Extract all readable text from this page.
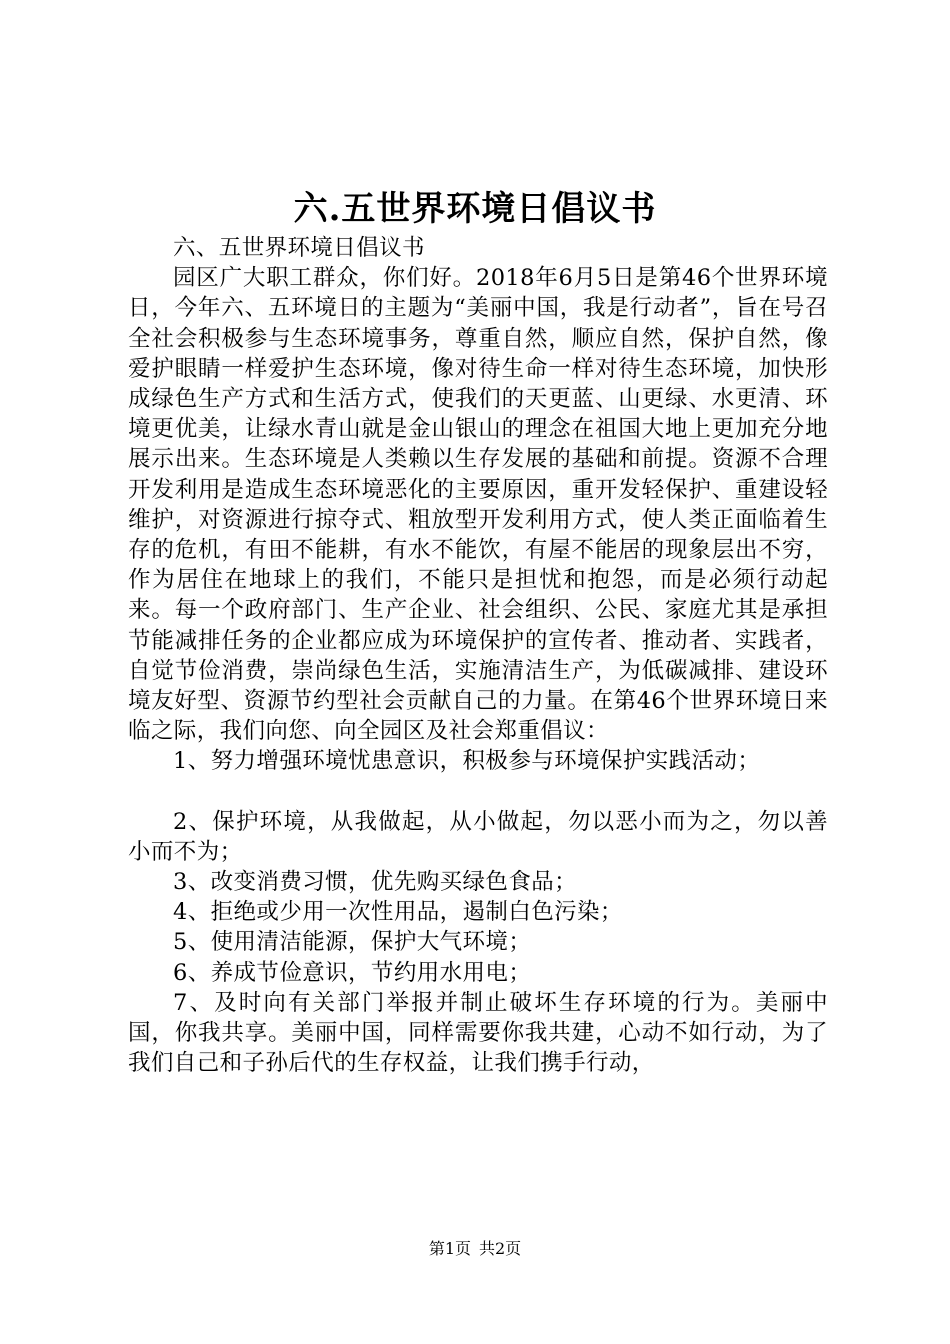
六.五世界环境日倡议书

六、五世界环境日倡议书

园区广大职工群众，你们好。2018年6月5日是第46个世界环境日，今年六、五环境日的主题为“美丽中国，我是行动者”，旨在号召全社会积极参与生态环境事务，尊重自然，顺应自然，保护自然，像爱护眼睛一样爱护生态环境，像对待生命一样对待生态环境，加快形成绿色生产方式和生活方式，使我们的天更蓝、山更绿、水更清、环境更优美，让绿水青山就是金山银山的理念在祖国大地上更加充分地展示出来。生态环境是人类赖以生存发展的基础和前提。资源不合理开发利用是造成生态环境恶化的主要原因，重开发轻保护、重建设轻维护，对资源进行掠夺式、粗放型开发利用方式，使人类正面临着生存的危机，有田不能耕，有水不能饮，有屋不能居的现象层出不穷，作为居住在地球上的我们，不能只是担忧和抱怨，而是必须行动起来。每一个政府部门、生产企业、社会组织、公民、家庭尤其是承担节能减排任务的企业都应成为环境保护的宣传者、推动者、实践者，自觉节俭消费，崇尚绿色生活，实施清洁生产，为低碳减排、建设环境友好型、资源节约型社会贡献自己的力量。在第46个世界环境日来临之际，我们向您、向全园区及社会郑重倡议：

1、努力增强环境忧患意识，积极参与环境保护实践活动；

2、保护环境，从我做起，从小做起，勿以恶小而为之，勿以善小而不为；

3、改变消费习惯，优先购买绿色食品；

4、拒绝或少用一次性用品，遏制白色污染；

5、使用清洁能源，保护大气环境；

6、养成节俭意识，节约用水用电；

7、及时向有关部门举报并制止破坏生存环境的行为。美丽中国，你我共享。美丽中国，同样需要你我共建，心动不如行动，为了我们自己和子孙后代的生存权益，让我们携手行动，

第1页 共2页
